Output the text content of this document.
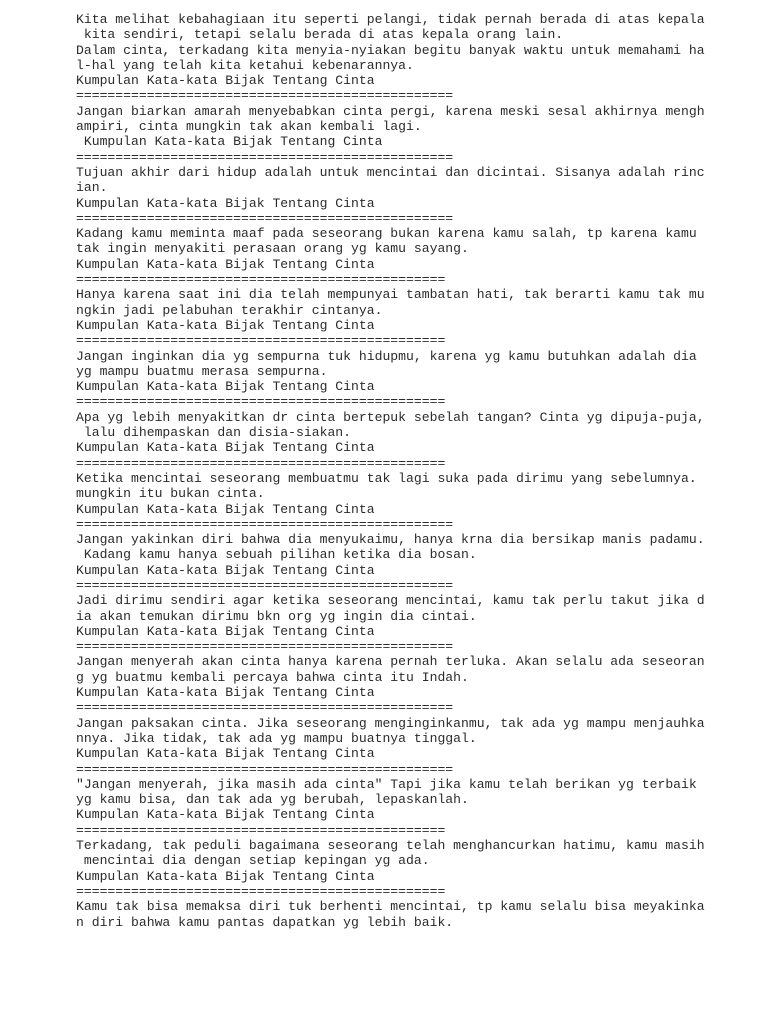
Kita melihat kebahagiaan itu seperti pelangi, tidak pernah berada di atas kepala
kita sendiri, tetapi selalu berada di atas kepala orang lain.
Dalam cinta, terkadang kita menyia-nyiakan begitu banyak waktu untuk memahami ha
l-hal yang telah kita ketahui kebenarannya.
Kumpulan Kata-kata Bijak Tentang Cinta
================================================
Jangan biarkan amarah menyebabkan cinta pergi, karena meski sesal akhirnya mengh
ampiri, cinta mungkin tak akan kembali lagi.
Kumpulan Kata-kata Bijak Tentang Cinta
================================================
Tujuan akhir dari hidup adalah untuk mencintai dan dicintai. Sisanya adalah rinc
ian.
Kumpulan Kata-kata Bijak Tentang Cinta
================================================
Kadang kamu meminta maaf pada seseorang bukan karena kamu salah, tp karena kamu
tak ingin menyakiti perasaan orang yg kamu sayang.
Kumpulan Kata-kata Bijak Tentang Cinta
===============================================
Hanya karena saat ini dia telah mempunyai tambatan hati, tak berarti kamu tak mu
ngkin jadi pelabuhan terakhir cintanya.
Kumpulan Kata-kata Bijak Tentang Cinta
===============================================
Jangan inginkan dia yg sempurna tuk hidupmu, karena yg kamu butuhkan adalah dia
yg mampu buatmu merasa sempurna.
Kumpulan Kata-kata Bijak Tentang Cinta
===============================================
Apa yg lebih menyakitkan dr cinta bertepuk sebelah tangan? Cinta yg dipuja-puja,
lalu dihempaskan dan disia-siakan.
Kumpulan Kata-kata Bijak Tentang Cinta
===============================================
Ketika mencintai seseorang membuatmu tak lagi suka pada dirimu yang sebelumnya.
mungkin itu bukan cinta.
Kumpulan Kata-kata Bijak Tentang Cinta
================================================
Jangan yakinkan diri bahwa dia menyukaimu, hanya krna dia bersikap manis padamu.
Kadang kamu hanya sebuah pilihan ketika dia bosan.
Kumpulan Kata-kata Bijak Tentang Cinta
================================================
Jadi dirimu sendiri agar ketika seseorang mencintai, kamu tak perlu takut jika d
ia akan temukan dirimu bkn org yg ingin dia cintai.
Kumpulan Kata-kata Bijak Tentang Cinta
================================================
Jangan menyerah akan cinta hanya karena pernah terluka. Akan selalu ada seseoran
g yg buatmu kembali percaya bahwa cinta itu Indah.
Kumpulan Kata-kata Bijak Tentang Cinta
================================================
Jangan paksakan cinta. Jika seseorang menginginkanmu, tak ada yg mampu menjauhka
nnya. Jika tidak, tak ada yg mampu buatnya tinggal.
Kumpulan Kata-kata Bijak Tentang Cinta
================================================
"Jangan menyerah, jika masih ada cinta" Tapi jika kamu telah berikan yg terbaik
yg kamu bisa, dan tak ada yg berubah, lepaskanlah.
Kumpulan Kata-kata Bijak Tentang Cinta
===============================================
Terkadang, tak peduli bagaimana seseorang telah menghancurkan hatimu, kamu masih
mencintai dia dengan setiap kepingan yg ada.
Kumpulan Kata-kata Bijak Tentang Cinta
===============================================
Kamu tak bisa memaksa diri tuk berhenti mencintai, tp kamu selalu bisa meyakinka
n diri bahwa kamu pantas dapatkan yg lebih baik.
